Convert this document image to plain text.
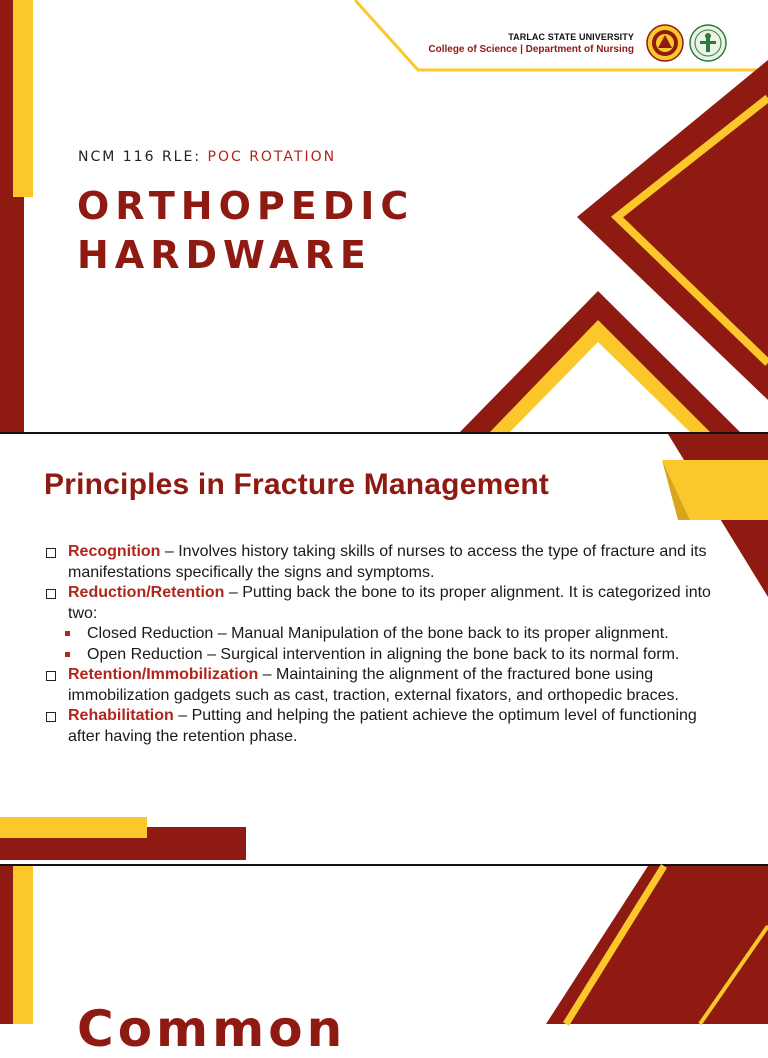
TARLAC STATE UNIVERSITY
College of Science | Department of Nursing
NCM 116 RLE: POC ROTATION
ORTHOPEDIC
HARDWARE
Principles in Fracture Management
Recognition – Involves history taking skills of nurses to access the type of fracture and its manifestations specifically the signs and symptoms.
Reduction/Retention – Putting back the bone to its proper alignment. It is categorized into two:
Closed Reduction – Manual Manipulation of the bone back to its proper alignment.
Open Reduction – Surgical intervention in aligning the bone back to its normal form.
Retention/Immobilization – Maintaining the alignment of the fractured bone using immobilization gadgets such as cast, traction, external fixators, and orthopedic braces.
Rehabilitation – Putting and helping the patient achieve the optimum level of functioning after having the retention phase.
Common
